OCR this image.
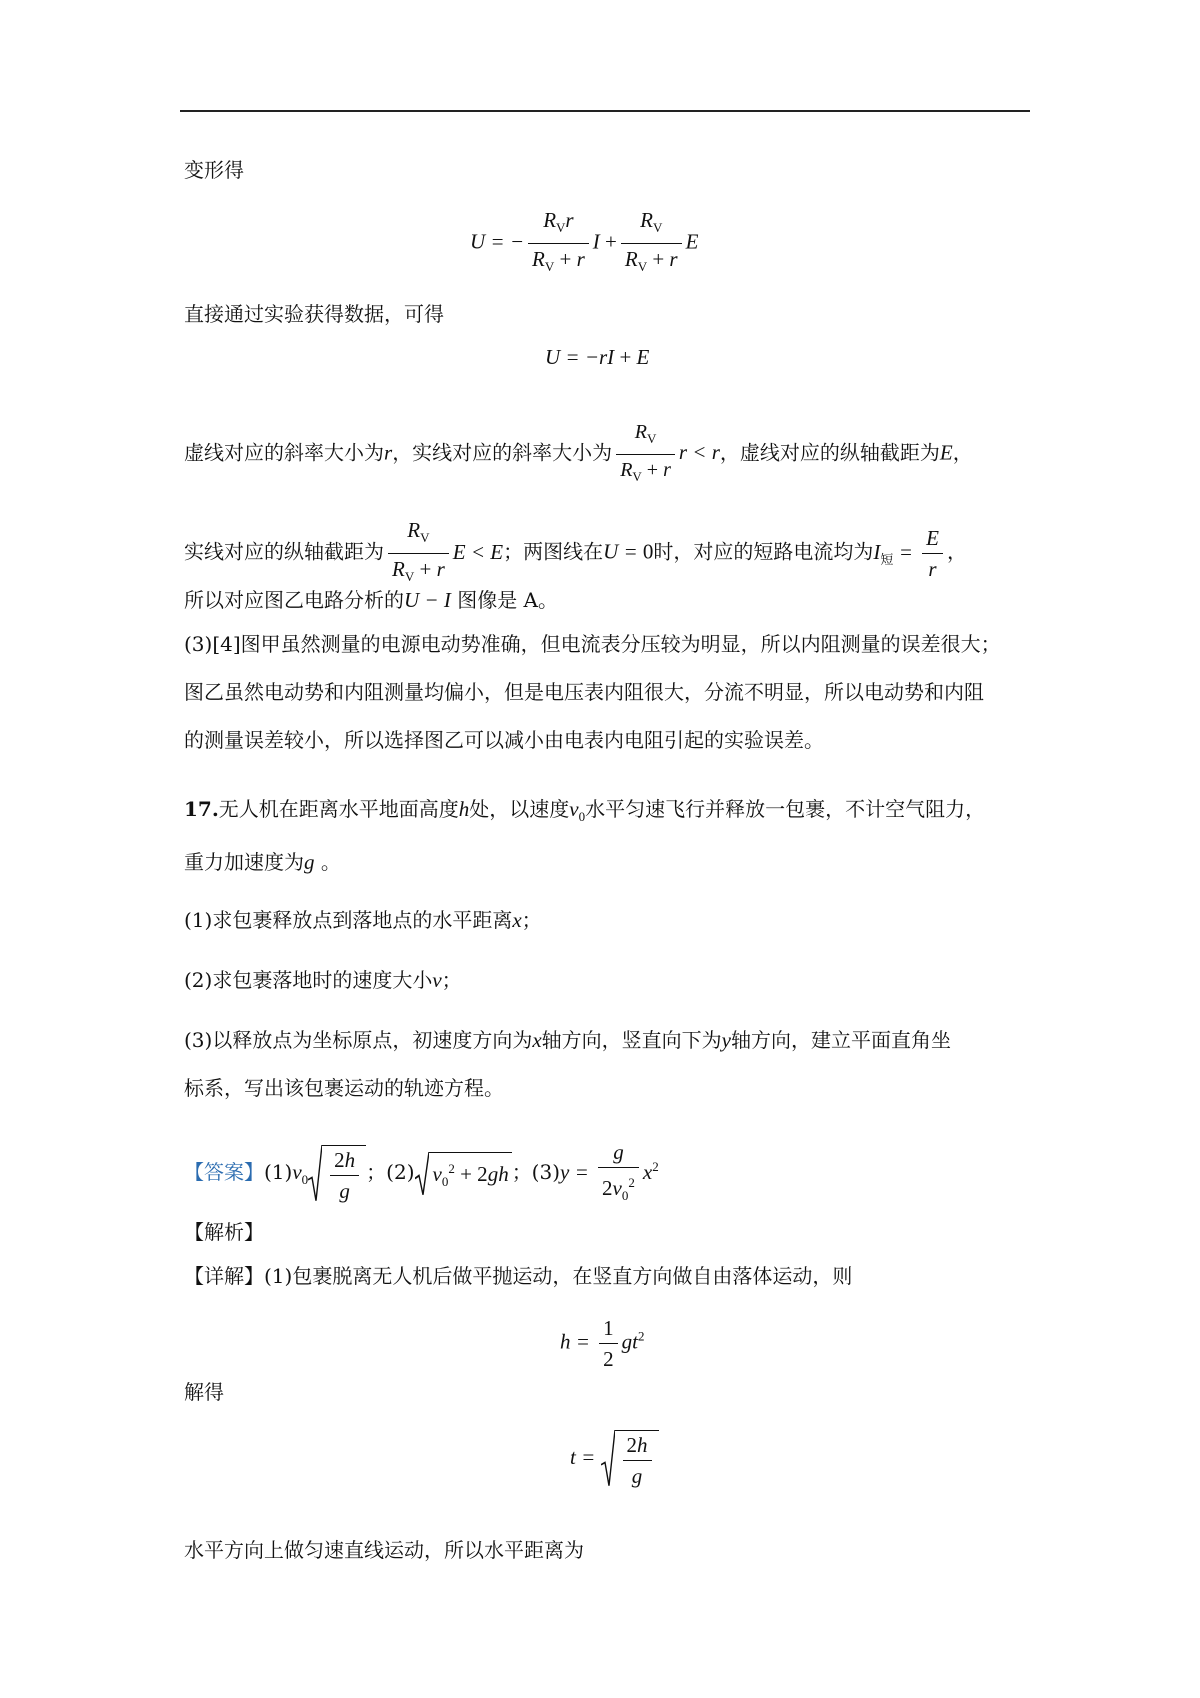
变形得
U = − $\frac{R_Vr}{R_V + r}$ $I + \frac{R_V}{R_V + r}$ E
直接通过实验获得数据，可得
U = −rI + E
虚线对应的斜率大小为r，实线对应的斜率大小为 $\frac{R_V}{R_V + r}$ r < r，虚线对应的纵轴截距为E，
实线对应的纵轴截距为 $\frac{R_V}{R_V + r}$ E < E；两图线在U = 0时，对应的短路电流均为$I_短 = \frac{E}{r}$ ，
所以对应图乙电路分析的U − I 图像是 A。
(3)[4]图甲虽然测量的电源电动势准确，但电流表分压较为明显，所以内阻测量的误差很大；
图乙虽然电动势和内阻测量均偏小，但是电压表内阻很大，分流不明显，所以电动势和内阻
的测量误差较小，所以选择图乙可以减小由电表内电阻引起的实验误差。
17.无人机在距离水平地面高度h处，以速度$v_0$水平匀速飞行并释放一包裹，不计空气阻力，
重力加速度为g 。
(1)求包裹释放点到落地点的水平距离x；
(2)求包裹落地时的速度大小v；
(3)以释放点为坐标原点，初速度方向为x轴方向，竖直向下为y轴方向，建立平面直角坐
标系，写出该包裹运动的轨迹方程。
【答案】$(1)v_0 \frac{2h}{g}$ ；(2) $v_0^2 + 2gh$ ；$(3)y = \frac{g}{2v_0^2} x^2$
【解析】
【详解】(1)包裹脱离无人机后做平抛运动，在竖直方向做自由落体运动，则
$h = \frac{1}{2} gt^2$
解得
$t = \frac{2h}{g}$
水平方向上做匀速直线运动，所以水平距离为
